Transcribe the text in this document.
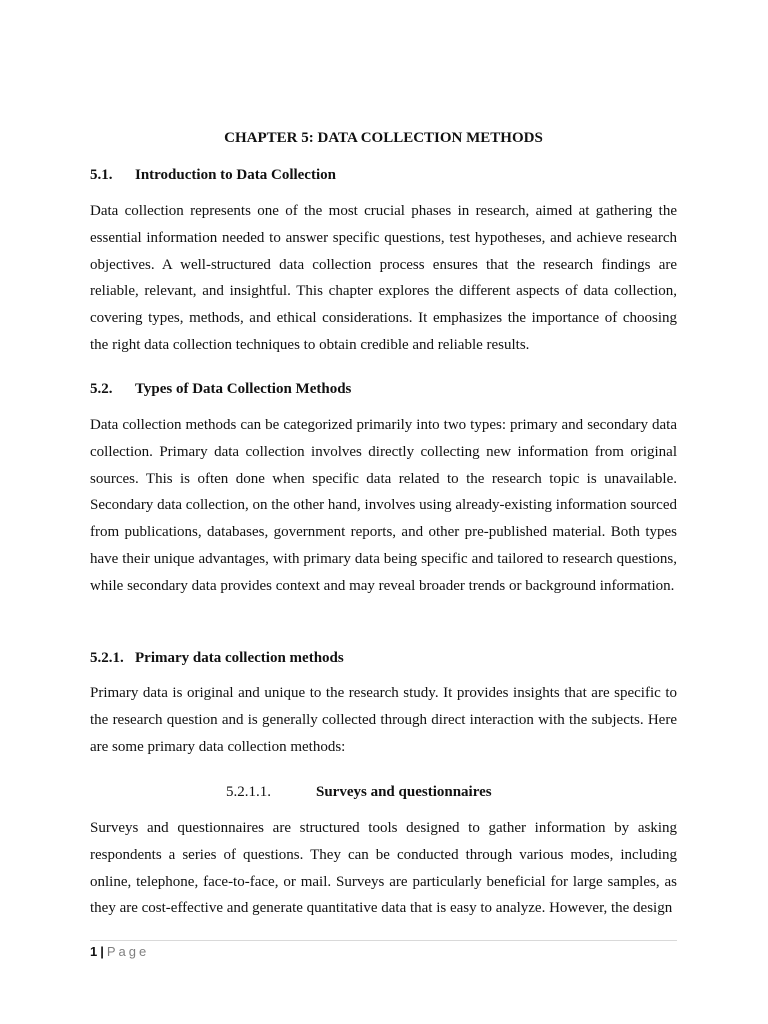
CHAPTER 5: DATA COLLECTION METHODS
5.1. Introduction to Data Collection

Data collection represents one of the most crucial phases in research, aimed at gathering the essential information needed to answer specific questions, test hypotheses, and achieve research objectives. A well-structured data collection process ensures that the research findings are reliable, relevant, and insightful. This chapter explores the different aspects of data collection, covering types, methods, and ethical considerations. It emphasizes the importance of choosing the right data collection techniques to obtain credible and reliable results.

5.2. Types of Data Collection Methods

Data collection methods can be categorized primarily into two types: primary and secondary data collection. Primary data collection involves directly collecting new information from original sources. This is often done when specific data related to the research topic is unavailable. Secondary data collection, on the other hand, involves using already-existing information sourced from publications, databases, government reports, and other pre-published material. Both types have their unique advantages, with primary data being specific and tailored to research questions, while secondary data provides context and may reveal broader trends or background information.

5.2.1. Primary data collection methods

Primary data is original and unique to the research study. It provides insights that are specific to the research question and is generally collected through direct interaction with the subjects. Here are some primary data collection methods:

5.2.1.1.	Surveys and questionnaires

Surveys and questionnaires are structured tools designed to gather information by asking respondents a series of questions. They can be conducted through various modes, including online, telephone, face-to-face, or mail. Surveys are particularly beneficial for large samples, as they are cost-effective and generate quantitative data that is easy to analyze. However, the design

1 | Page
